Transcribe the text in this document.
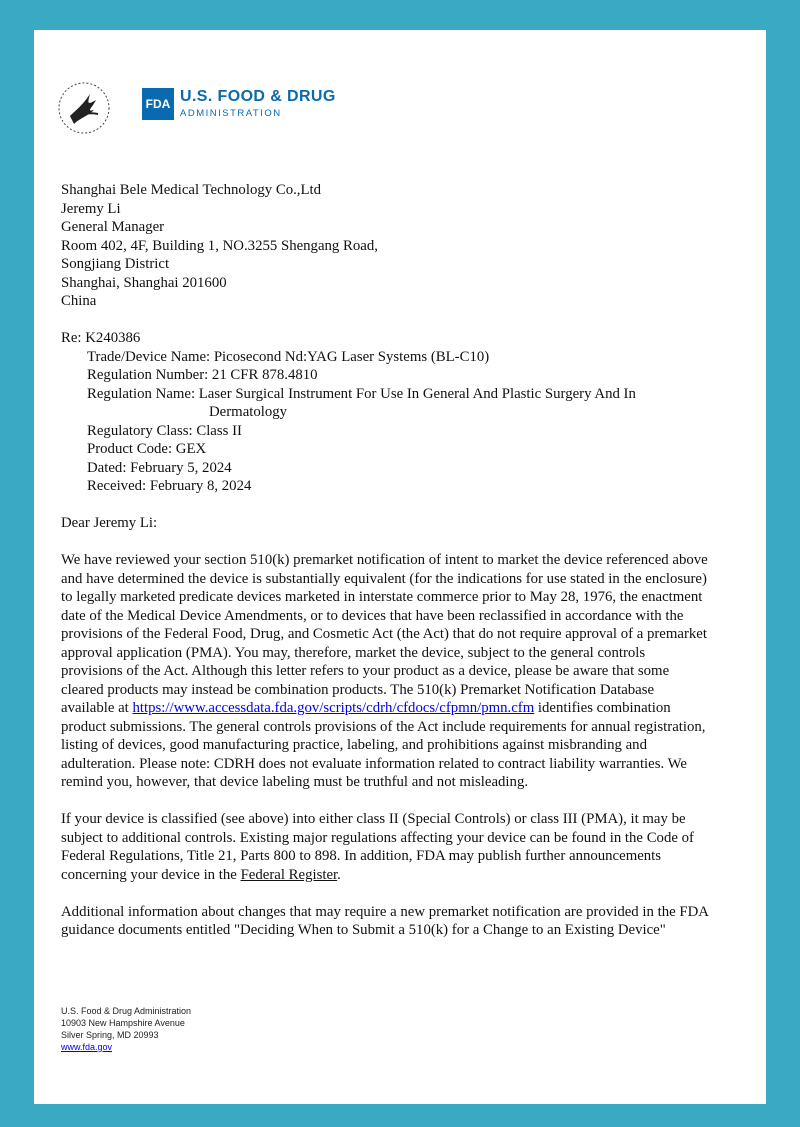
FDA U.S. FOOD & DRUG
ADMINISTRATION
Shanghai Bele Medical Technology Co.,Ltd
Jeremy Li
General Manager
Room 402, 4F, Building 1, NO.3255 Shengang Road,
Songjiang District
Shanghai, Shanghai 201600
China
Re: K240386
Trade/Device Name: Picosecond Nd:YAG Laser Systems (BL-C10)
Regulation Number: 21 CFR 878.4810
Regulation Name: Laser Surgical Instrument For Use In General And Plastic Surgery And In
Dermatology
Regulatory Class: Class II
Product Code: GEX
Dated: February 5, 2024
Received: February 8, 2024
Dear Jeremy Li:
We have reviewed your section 510(k) premarket notification of intent to market the device referenced above
and have determined the device is substantially equivalent (for the indications for use stated in the enclosure)
to legally marketed predicate devices marketed in interstate commerce prior to May 28, 1976, the enactment
date of the Medical Device Amendments, or to devices that have been reclassified in accordance with the
provisions of the Federal Food, Drug, and Cosmetic Act (the Act) that do not require approval of a premarket
approval application (PMA). You may, therefore, market the device, subject to the general controls
provisions of the Act. Although this letter refers to your product as a device, please be aware that some
cleared products may instead be combination products. The 510(k) Premarket Notification Database
available at https://www.accessdata.fda.gov/scripts/cdrh/cfdocs/cfpmn/pmn.cfm identifies combination
product submissions. The general controls provisions of the Act include requirements for annual registration,
listing of devices, good manufacturing practice, labeling, and prohibitions against misbranding and
adulteration. Please note: CDRH does not evaluate information related to contract liability warranties. We
remind you, however, that device labeling must be truthful and not misleading.
If your device is classified (see above) into either class II (Special Controls) or class III (PMA), it may be
subject to additional controls. Existing major regulations affecting your device can be found in the Code of
Federal Regulations, Title 21, Parts 800 to 898. In addition, FDA may publish further announcements
concerning your device in the Federal Register.
Additional information about changes that may require a new premarket notification are provided in the FDA
guidance documents entitled "Deciding When to Submit a 510(k) for a Change to an Existing Device"
U.S. Food & Drug Administration
10903 New Hampshire Avenue
Silver Spring, MD 20993
www.fda.gov
